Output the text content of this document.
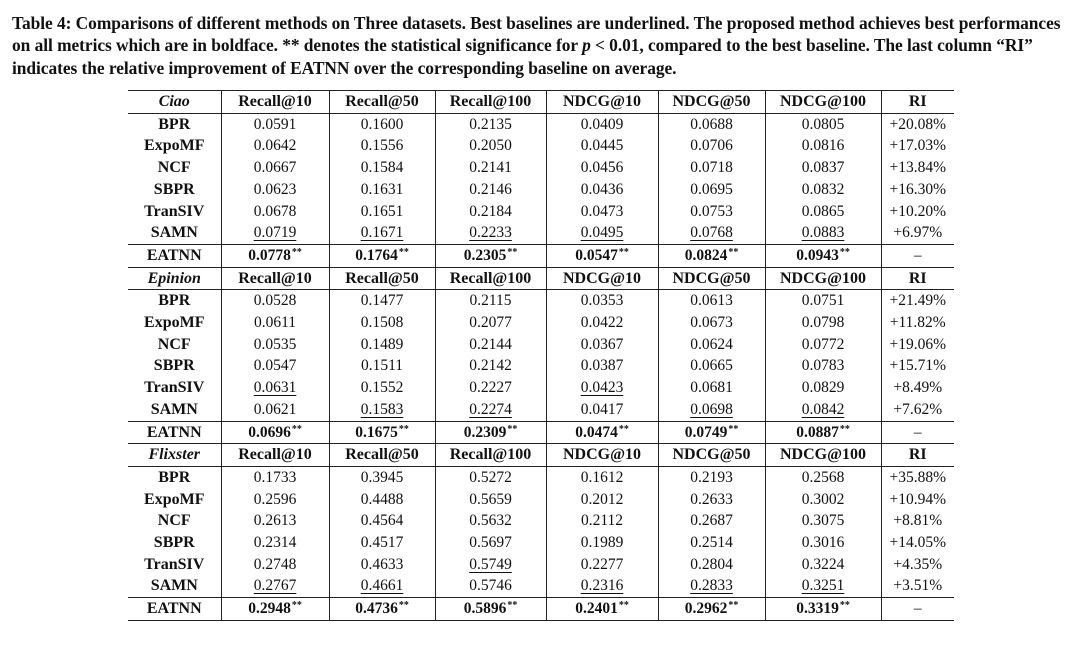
Table 4: Comparisons of different methods on Three datasets. Best baselines are underlined. The proposed method achieves best performances on all metrics which are in boldface. ** denotes the statistical significance for p < 0.01, compared to the best baseline. The last column “RI” indicates the relative improvement of EATNN over the corresponding baseline on average.
Ciao	Recall@10	Recall@50	Recall@100	NDCG@10	NDCG@50	NDCG@100	RI
BPR	0.0591	0.1600	0.2135	0.0409	0.0688	0.0805	+20.08%
ExpoMF	0.0642	0.1556	0.2050	0.0445	0.0706	0.0816	+17.03%
NCF	0.0667	0.1584	0.2141	0.0456	0.0718	0.0837	+13.84%
SBPR	0.0623	0.1631	0.2146	0.0436	0.0695	0.0832	+16.30%
TranSIV	0.0678	0.1651	0.2184	0.0473	0.0753	0.0865	+10.20%
SAMN	0.0719	0.1671	0.2233	0.0495	0.0768	0.0883	+6.97%
EATNN	0.0778**	0.1764**	0.2305**	0.0547**	0.0824**	0.0943**	–
Epinion	Recall@10	Recall@50	Recall@100	NDCG@10	NDCG@50	NDCG@100	RI
BPR	0.0528	0.1477	0.2115	0.0353	0.0613	0.0751	+21.49%
ExpoMF	0.0611	0.1508	0.2077	0.0422	0.0673	0.0798	+11.82%
NCF	0.0535	0.1489	0.2144	0.0367	0.0624	0.0772	+19.06%
SBPR	0.0547	0.1511	0.2142	0.0387	0.0665	0.0783	+15.71%
TranSIV	0.0631	0.1552	0.2227	0.0423	0.0681	0.0829	+8.49%
SAMN	0.0621	0.1583	0.2274	0.0417	0.0698	0.0842	+7.62%
EATNN	0.0696**	0.1675**	0.2309**	0.0474**	0.0749**	0.0887**	–
Flixster	Recall@10	Recall@50	Recall@100	NDCG@10	NDCG@50	NDCG@100	RI
BPR	0.1733	0.3945	0.5272	0.1612	0.2193	0.2568	+35.88%
ExpoMF	0.2596	0.4488	0.5659	0.2012	0.2633	0.3002	+10.94%
NCF	0.2613	0.4564	0.5632	0.2112	0.2687	0.3075	+8.81%
SBPR	0.2314	0.4517	0.5697	0.1989	0.2514	0.3016	+14.05%
TranSIV	0.2748	0.4633	0.5749	0.2277	0.2804	0.3224	+4.35%
SAMN	0.2767	0.4661	0.5746	0.2316	0.2833	0.3251	+3.51%
EATNN	0.2948**	0.4736**	0.5896**	0.2401**	0.2962**	0.3319**	–
